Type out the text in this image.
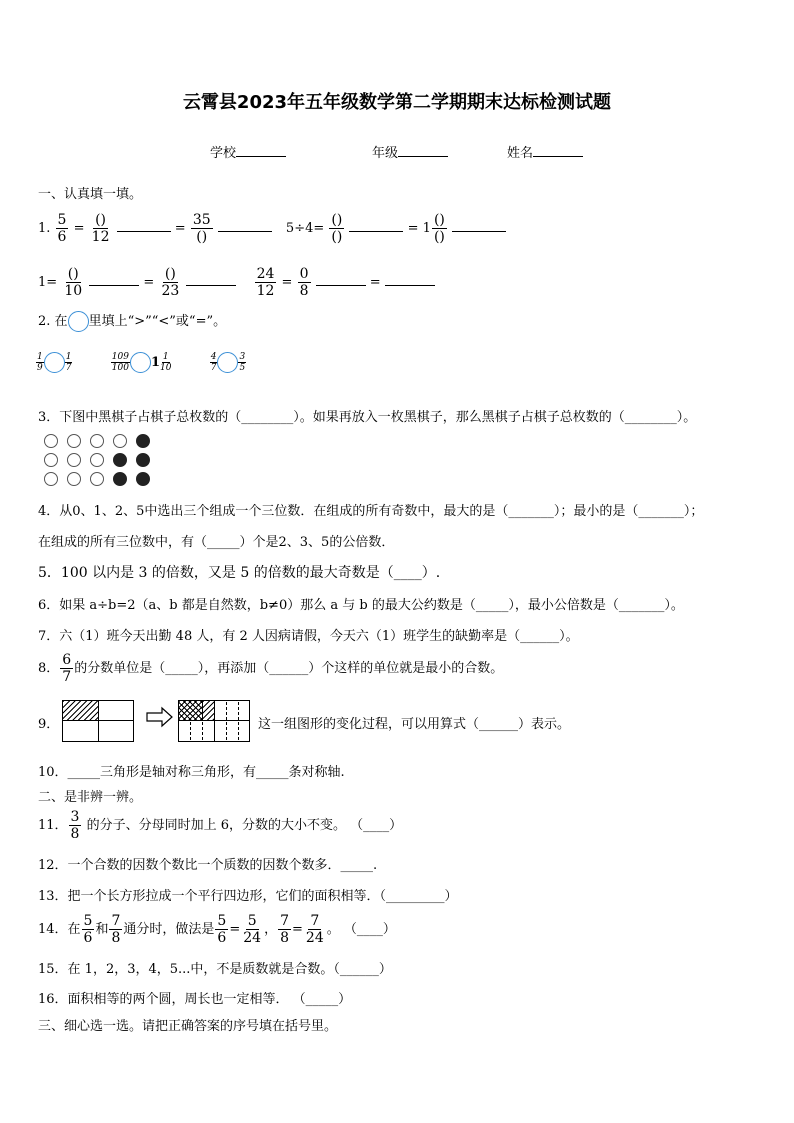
云霄县2023年五年级数学第二学期期末达标检测试题
学校	年级	姓名
一、认真填一填。
1. $\frac{5}{6} = \frac{()}{12}$	= $\frac{35}{()}$	$5\div 4= \frac{()}{()}$	= $1 \frac{()}{()}$

$1= \frac{()}{10}$	= $\frac{()}{23}$
	$\frac{24}{12} = \frac{0}{8}$	=
2. 在 里填上“>”“<”或“=”。
$\frac{1}{9} \frac{1}{7}$
	$\frac{109}{100} 1 \frac{1}{10}$
	$\frac{4}{7} \frac{3}{5}$
3．下图中黑棋子占棋子总枚数的（________）。如果再放入一枚黑棋子，那么黑棋子占棋子总枚数的（________）。
4．从0、1、2、5中选出三个组成一个三位数．在组成的所有奇数中，最大的是（_______）；最小的是（_______）；
在组成的所有三位数中，有（_____）个是2、3、5的公倍数．
5．100 以内是 3 的倍数，又是 5 的倍数的最大奇数是（____）.
6．如果 a÷b=2（a、b 都是自然数，b≠0）那么 a 与 b 的最大公约数是（_____），最小公倍数是（_______）。
7．六（1）班今天出勤 48 人，有 2 人因病请假，今天六（1）班学生的缺勤率是（______）。
8． $\frac{6}{7}$ 的分数单位是（_____），再添加（______）个这样的单位就是最小的合数。
9．	这一组图形的变化过程，可以用算式（______）表示。
10．_____三角形是轴对称三角形，有_____条对称轴.
二、是非辨一辨。
11． $\frac{3}{8}$ 的分子、分母同时加上 6，分数的大小不变。 （____）
12．一个合数的因数个数比一个质数的因数个数多．_____.
13．把一个长方形拉成一个平行四边形，它们的面积相等．（_________）
14．在 $\frac{5}{6}$ 和 $\frac{7}{8}$ 通分时，做法是 $\frac{5}{6} = \frac{5}{24}$ ， $\frac{7}{8} = \frac{7}{24}$ 。 （____）
15．在 1，2，3，4，5...中，不是质数就是合数。（______）
16．面积相等的两个圆，周长也一定相等． （_____）
三、细心选一选。请把正确答案的序号填在括号里。
